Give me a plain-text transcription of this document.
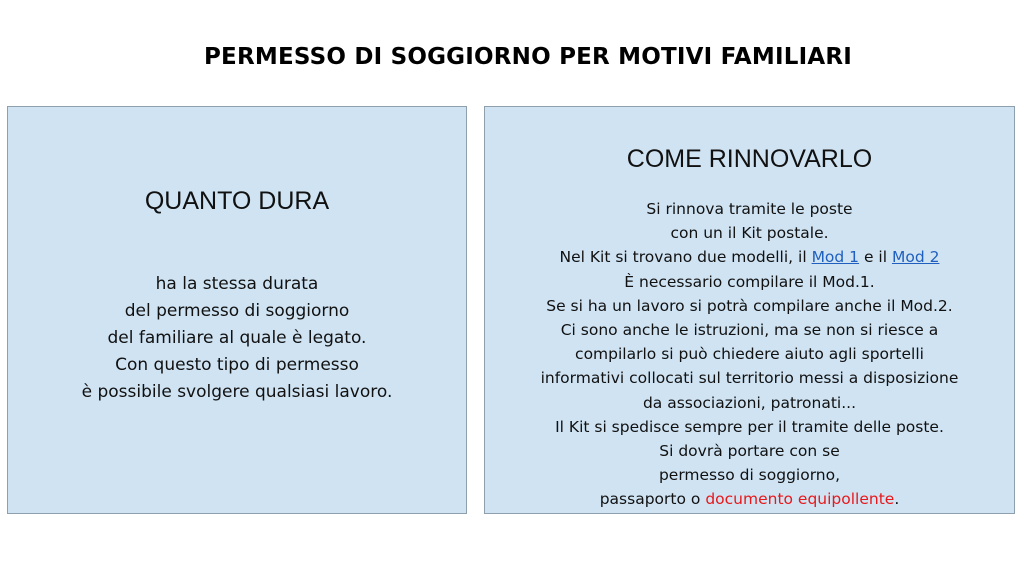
PERMESSO DI SOGGIORNO PER MOTIVI FAMILIARI
QUANTO DURA
ha la stessa durata
del permesso di soggiorno
del familiare al quale è legato.
Con questo tipo di permesso
è possibile svolgere qualsiasi lavoro.
COME RINNOVARLO
Si rinnova tramite le poste
con un il Kit postale.
Nel Kit si trovano due modelli, il Mod 1 e il Mod 2
È necessario compilare il Mod.1.
Se si ha un lavoro si potrà compilare anche il Mod.2.
Ci sono anche le istruzioni, ma se non si riesce a
compilarlo si può chiedere aiuto agli sportelli
informativi collocati sul territorio messi a disposizione
da associazioni, patronati...
Il Kit si spedisce sempre per il tramite delle poste.
Si dovrà portare con se
permesso di soggiorno,
passaporto o documento equipollente.
